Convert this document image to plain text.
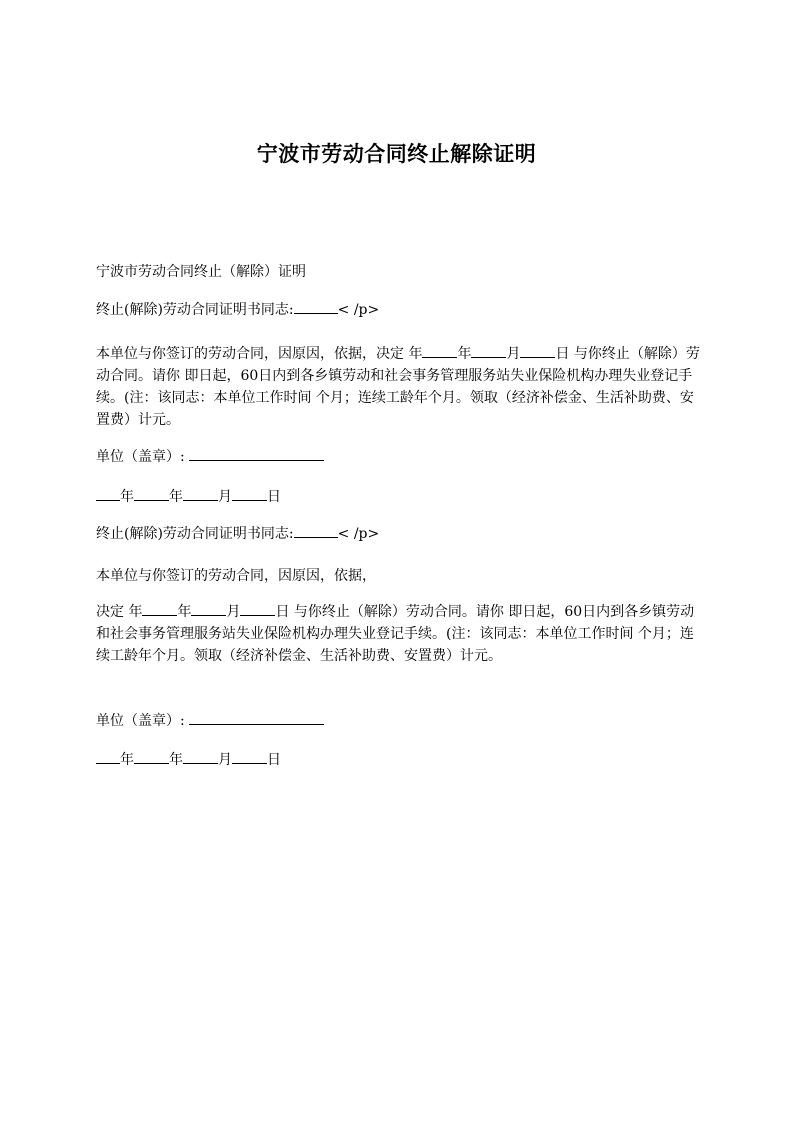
宁波市劳动合同终止解除证明
宁波市劳动合同终止（解除）证明
终止(解除)劳动合同证明书同志:	< /p>
本单位与你签订的劳动合同，因原因，依据，决定 年	年	月	日 与你终止（解除）劳动合同。请你 即日起，60日内到各乡镇劳动和社会事务管理服务站失业保险机构办理失业登记手续。(注：该同志：本单位工作时间 个月；连续工龄年个月。领取（经济补偿金、生活补助费、安置费）计元。
单位（盖章）:
年	年	月	日
终止(解除)劳动合同证明书同志:	< /p>
本单位与你签订的劳动合同，因原因，依据，
决定 年	年	月	日 与你终止（解除）劳动合同。请你 即日起，60日内到各乡镇劳动和社会事务管理服务站失业保险机构办理失业登记手续。(注：该同志：本单位工作时间 个月；连续工龄年个月。领取（经济补偿金、生活补助费、安置费）计元。
单位（盖章）:
年	年	月	日
